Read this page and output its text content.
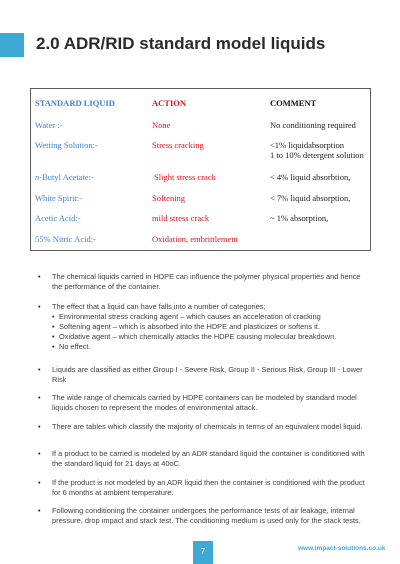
2.0 ADR/RID standard model liquids
STANDARD LIQUID	ACTION	COMMENT
Water :-	None	No conditioning required
Wetting Solution:-	Stress cracking	<1% liquidabsorption
1 to 10% detergent solution
n-Butyl Acetate:-	Slight stress crack	< 4% liquid absorbtion,
White Spirit:-	Softening	< 7% liquid absorption,
Acetic Acid:-	mild stress crack	~ 1% absorption,
55% Nitric Acid:-	Oxidation, embrittlement
• The chemical liquids carried in HDPE can influence the polymer physical properties and hence the performance of the container.
• The effect that a liquid can have falls into a number of categories;
• Environmental stress cracking agent – which causes an acceleration of cracking
• Softening agent – which is absorbed into the HDPE and plasticizes or softens it.
• Oxidative agent – which chemically attacks the HDPE causing molecular breakdown.
• No effect.
• Liquids are classified as either Group I - Severe Risk, Group II - Serious Risk, Group III - Lower Risk
• The wide range of chemicals carried by HDPE containers can be modeled by standard model liquids chosen to represent the modes of environmental attack.
• There are tables which classify the majority of chemicals in terms of an equivalent model liquid.
• If a product to be carried is modeled by an ADR standard liquid the container is conditioned with the standard liquid for 21 days at 40oC.
• If the product is not modeled by an ADR liquid then the container is conditioned with the product for 6 months at ambient temperature.
• Following conditioning the container undergoes the performance tests of air leakage, internal pressure, drop impact and stack test. The conditioning medium is used only for the stack tests.
7	www.impact-solutions.co.uk
